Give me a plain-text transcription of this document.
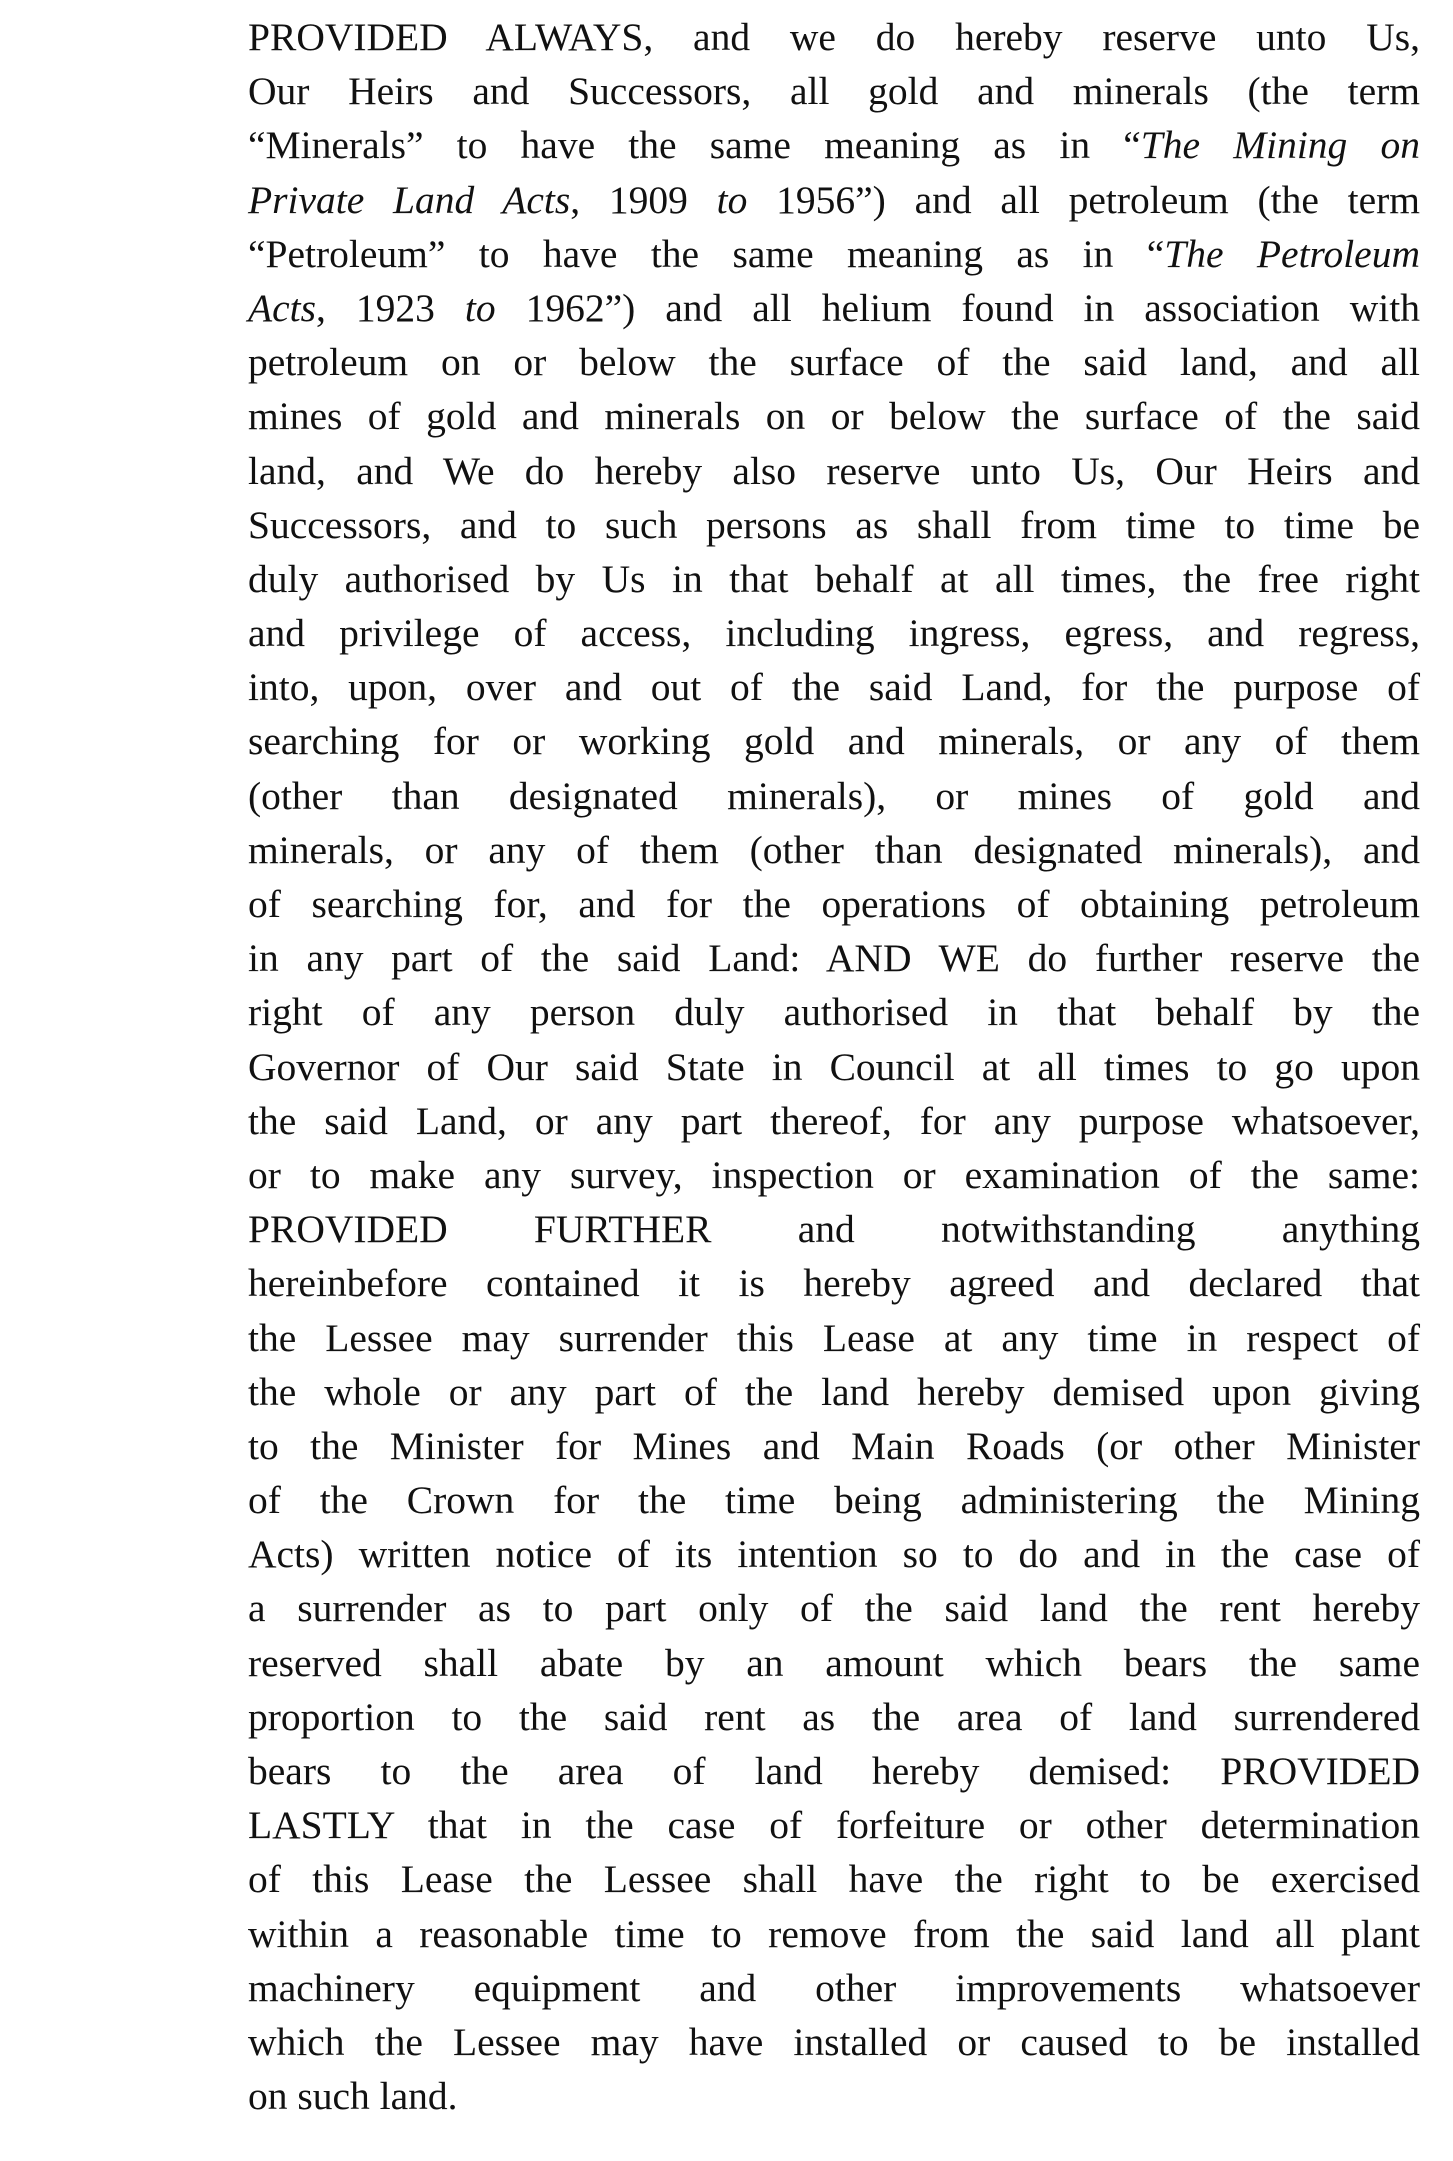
PROVIDED ALWAYS, and we do hereby reserve unto Us,
Our Heirs and Successors, all gold and minerals (the term
“Minerals” to have the same meaning as in “The Mining on
Private Land Acts, 1909 to 1956”) and all petroleum (the term
“Petroleum” to have the same meaning as in “The Petroleum
Acts, 1923 to 1962”) and all helium found in association with
petroleum on or below the surface of the said land, and all
mines of gold and minerals on or below the surface of the said
land, and We do hereby also reserve unto Us, Our Heirs and
Successors, and to such persons as shall from time to time be
duly authorised by Us in that behalf at all times, the free right
and privilege of access, including ingress, egress, and regress,
into, upon, over and out of the said Land, for the purpose of
searching for or working gold and minerals, or any of them
(other than designated minerals), or mines of gold and
minerals, or any of them (other than designated minerals), and
of searching for, and for the operations of obtaining petroleum
in any part of the said Land: AND WE do further reserve the
right of any person duly authorised in that behalf by the
Governor of Our said State in Council at all times to go upon
the said Land, or any part thereof, for any purpose whatsoever,
or to make any survey, inspection or examination of the same:
PROVIDED FURTHER and notwithstanding anything
hereinbefore contained it is hereby agreed and declared that
the Lessee may surrender this Lease at any time in respect of
the whole or any part of the land hereby demised upon giving
to the Minister for Mines and Main Roads (or other Minister
of the Crown for the time being administering the Mining
Acts) written notice of its intention so to do and in the case of
a surrender as to part only of the said land the rent hereby
reserved shall abate by an amount which bears the same
proportion to the said rent as the area of land surrendered
bears to the area of land hereby demised: PROVIDED
LASTLY that in the case of forfeiture or other determination
of this Lease the Lessee shall have the right to be exercised
within a reasonable time to remove from the said land all plant
machinery equipment and other improvements whatsoever
which the Lessee may have installed or caused to be installed
on such land.
